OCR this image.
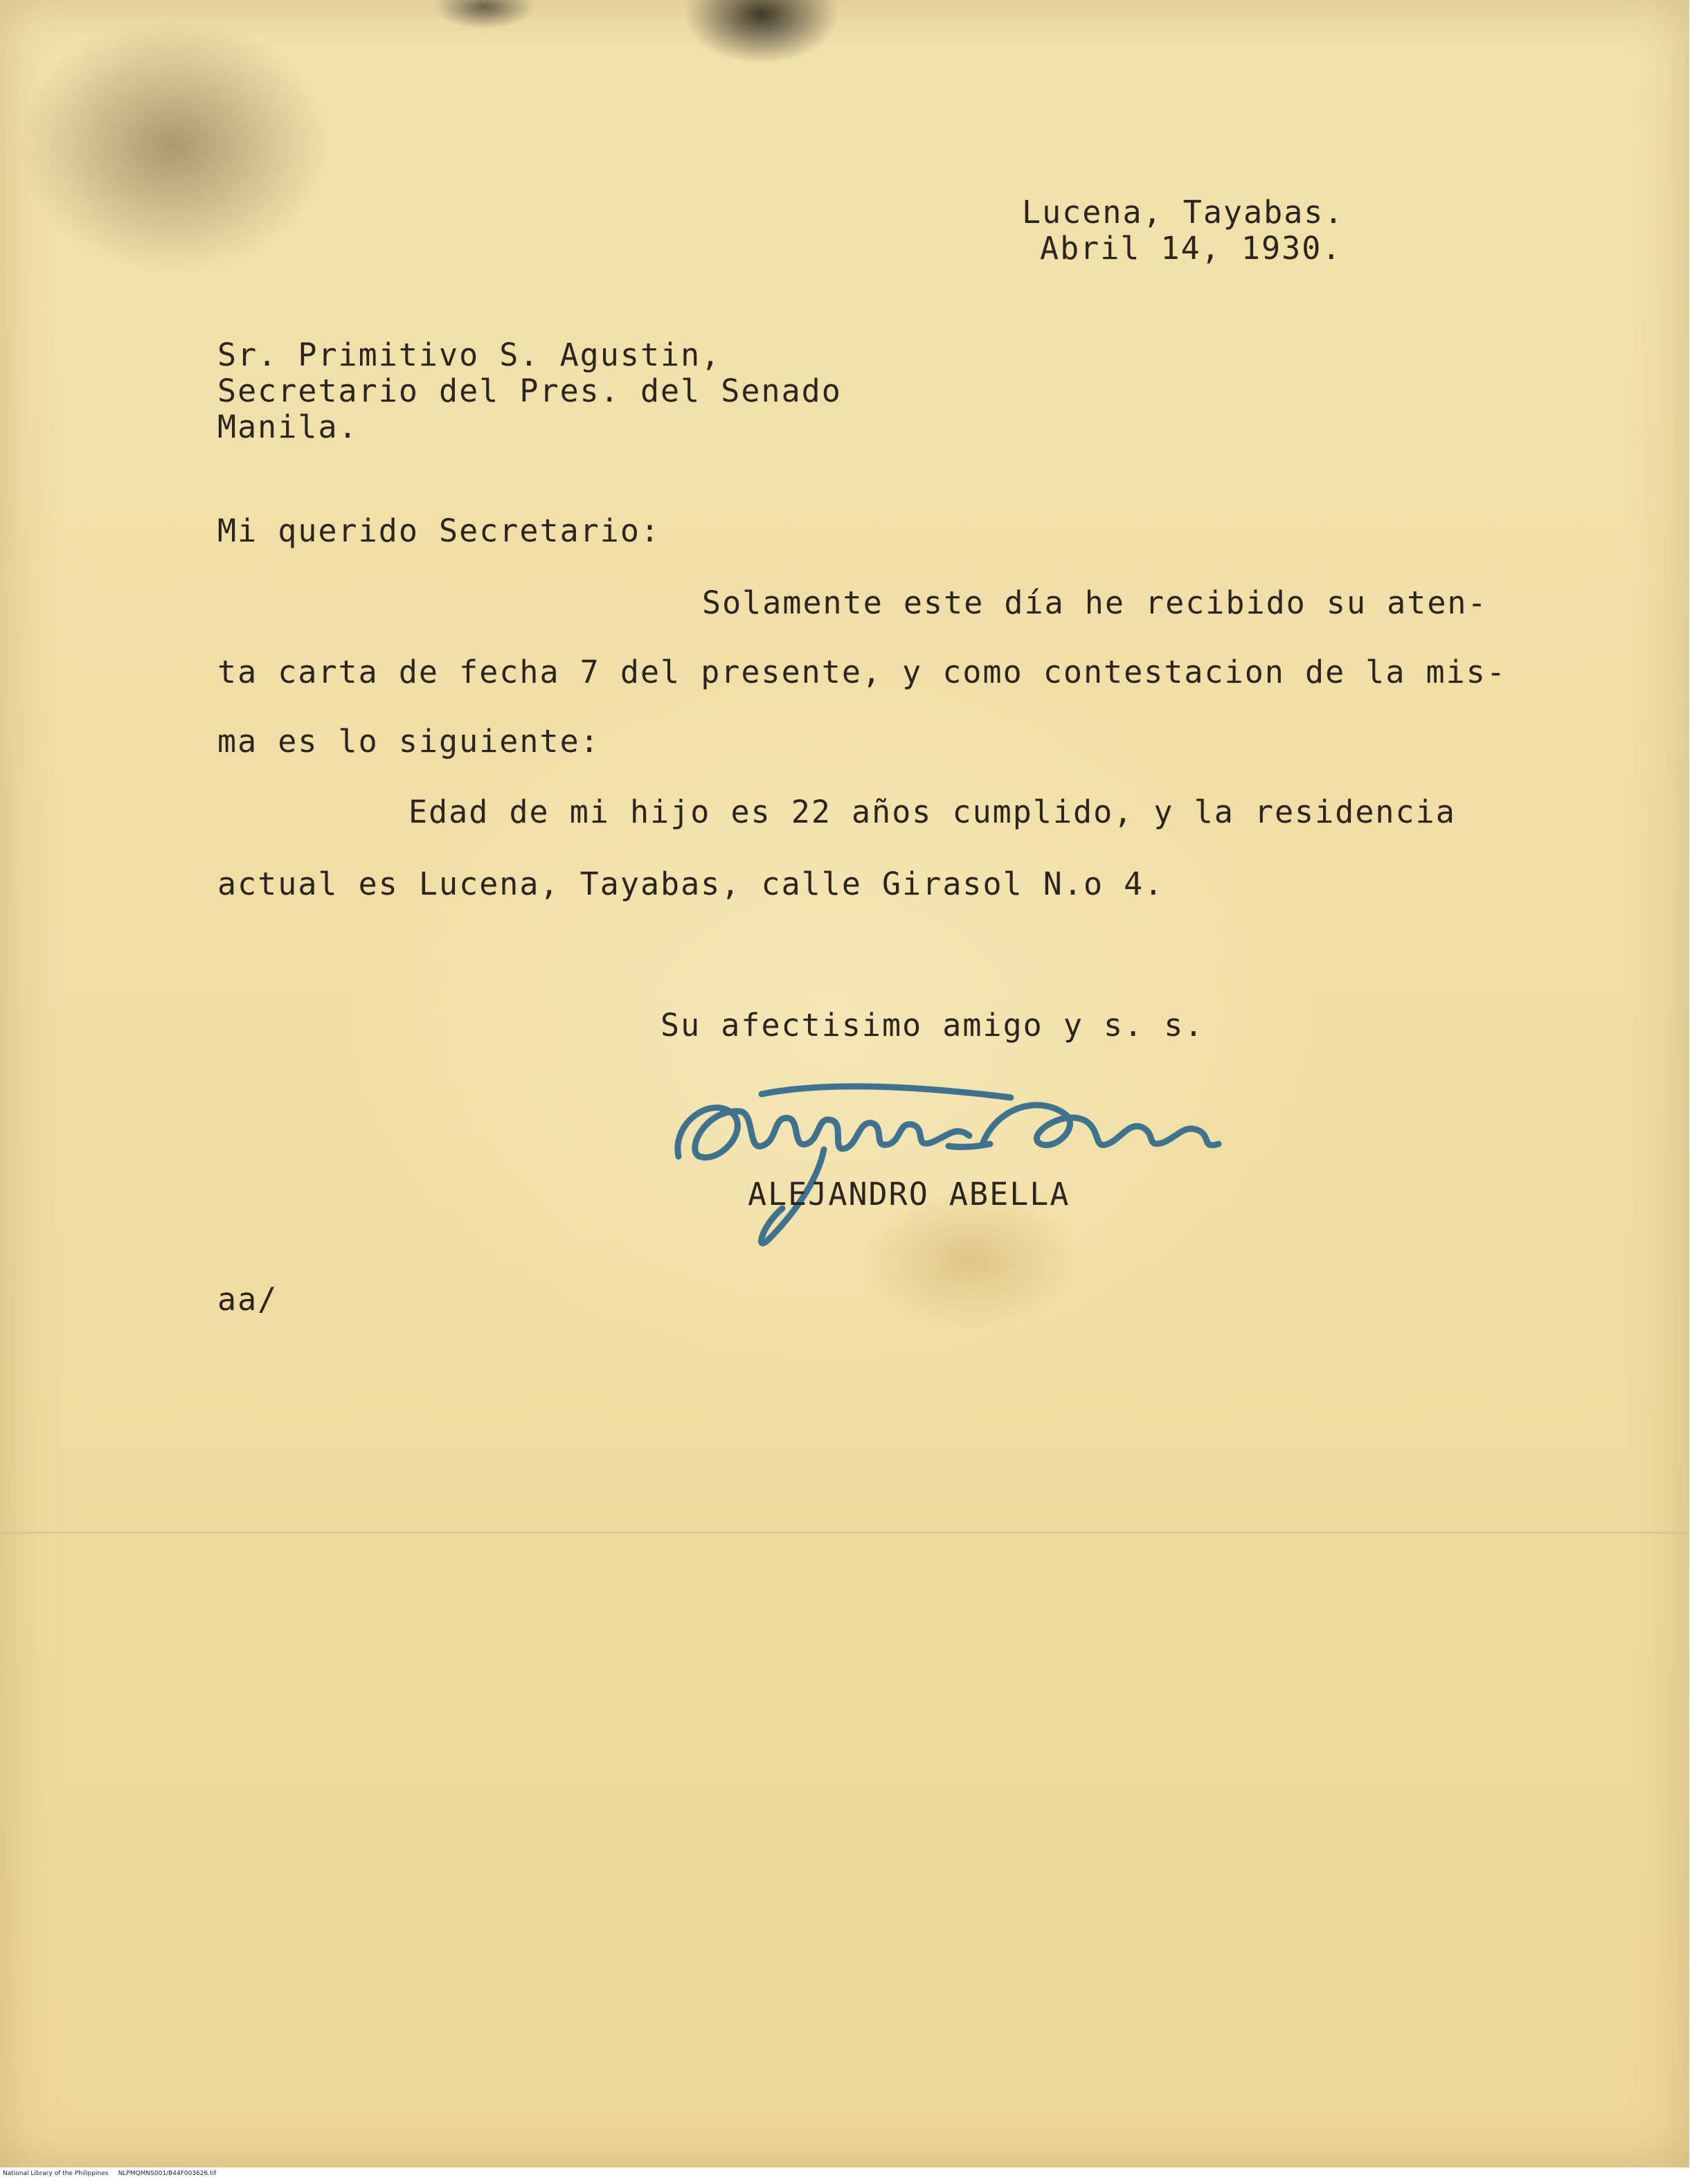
Lucena, Tayabas.
Abril 14, 1930.
Sr. Primitivo S. Agustin,
Secretario del Pres. del Senado
Manila.
Mi querido Secretario:
Solamente este día he recibido su aten-
ta carta de fecha 7 del presente, y como contestacion de la mis-
ma es lo siguiente:
Edad de mi hijo es 22 años cumplido, y la residencia
actual es Lucena, Tayabas, calle Girasol N.o 4.
Su afectisimo amigo y s. s.
ALEJANDRO ABELLA
aa/
National Library of the Philippines     NLPMQMNS001/B44F003626.tif
